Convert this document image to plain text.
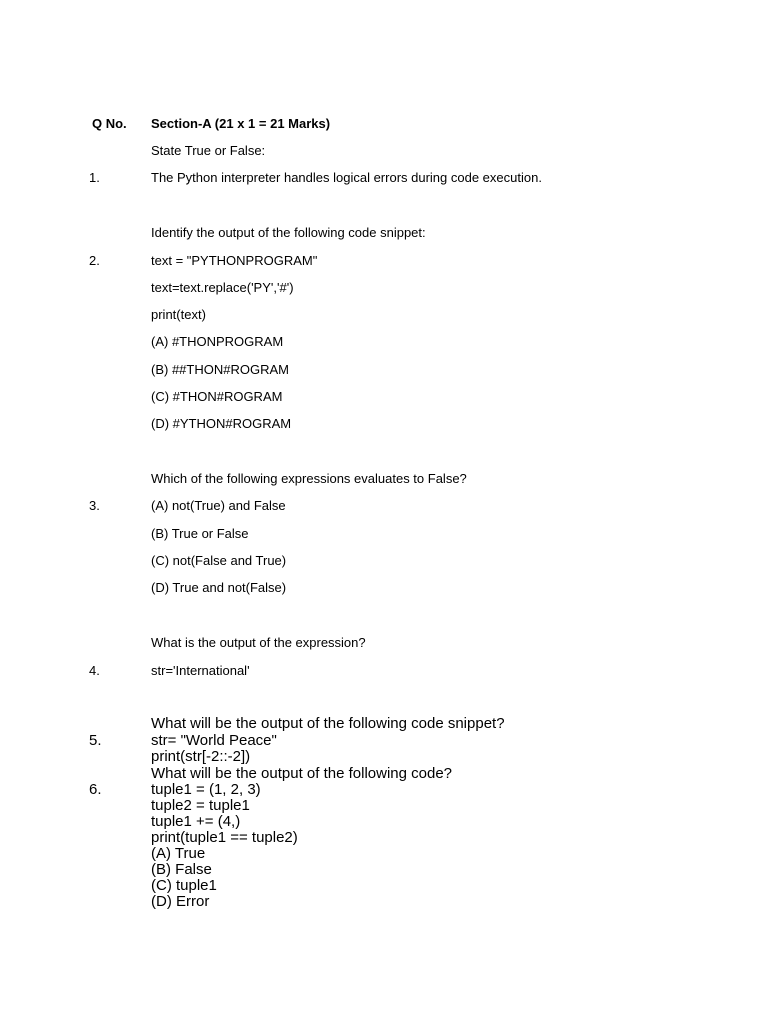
Q No. Section-A (21 x 1 = 21 Marks)
State True or False:
1.	The Python interpreter handles logical errors during code execution.
Identify the output of the following code snippet:
2.	text = "PYTHONPROGRAM"
text=text.replace('PY','#')
print(text)
(A) #THONPROGRAM
(B) ##THON#ROGRAM
(C) #THON#ROGRAM
(D) #YTHON#ROGRAM
Which of the following expressions evaluates to False?
3.	(A) not(True) and False
(B) True or False
(C) not(False and True)
(D) True and not(False)
What is the output of the expression?
4.	str='International'
What will be the output of the following code snippet?
5.	str= "World Peace"
print(str[-2::-2])
What will be the output of the following code?
6.	tuple1 = (1, 2, 3)
tuple2 = tuple1
tuple1 += (4,)
print(tuple1 == tuple2)
(A) True
(B) False
(C) tuple1
(D) Error
